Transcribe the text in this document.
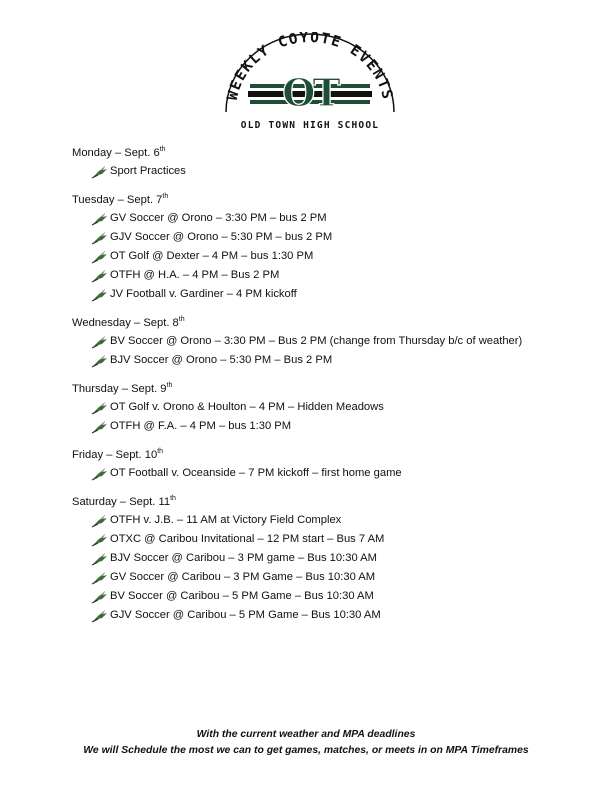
WEEKLY COYOTE EVENTS
OT
OLD TOWN HIGH SCHOOL
Monday – Sept. 6th
Sport Practices
Tuesday – Sept. 7th
GV Soccer @ Orono – 3:30 PM – bus 2 PM
GJV Soccer @ Orono – 5:30 PM – bus 2 PM
OT Golf @ Dexter – 4 PM – bus 1:30 PM
OTFH @ H.A. – 4 PM – Bus 2 PM
JV Football v. Gardiner – 4 PM kickoff
Wednesday – Sept. 8th
BV Soccer @ Orono – 3:30 PM – Bus 2 PM (change from Thursday b/c of weather)
BJV Soccer @ Orono – 5:30 PM – Bus 2 PM
Thursday – Sept. 9th
OT Golf v. Orono & Houlton – 4 PM – Hidden Meadows
OTFH @ F.A. – 4 PM – bus 1:30 PM
Friday – Sept. 10th
OT Football v. Oceanside – 7 PM kickoff – first home game
Saturday – Sept. 11th
OTFH v. J.B. – 11 AM at Victory Field Complex
OTXC @ Caribou Invitational – 12 PM start – Bus 7 AM
BJV Soccer @ Caribou – 3 PM game – Bus 10:30 AM
GV Soccer @ Caribou – 3 PM Game – Bus 10:30 AM
BV Soccer @ Caribou – 5 PM Game – Bus 10:30 AM
GJV Soccer @ Caribou – 5 PM Game – Bus 10:30 AM
With the current weather and MPA deadlines
We will Schedule the most we can to get games, matches, or meets in on MPA Timeframes
